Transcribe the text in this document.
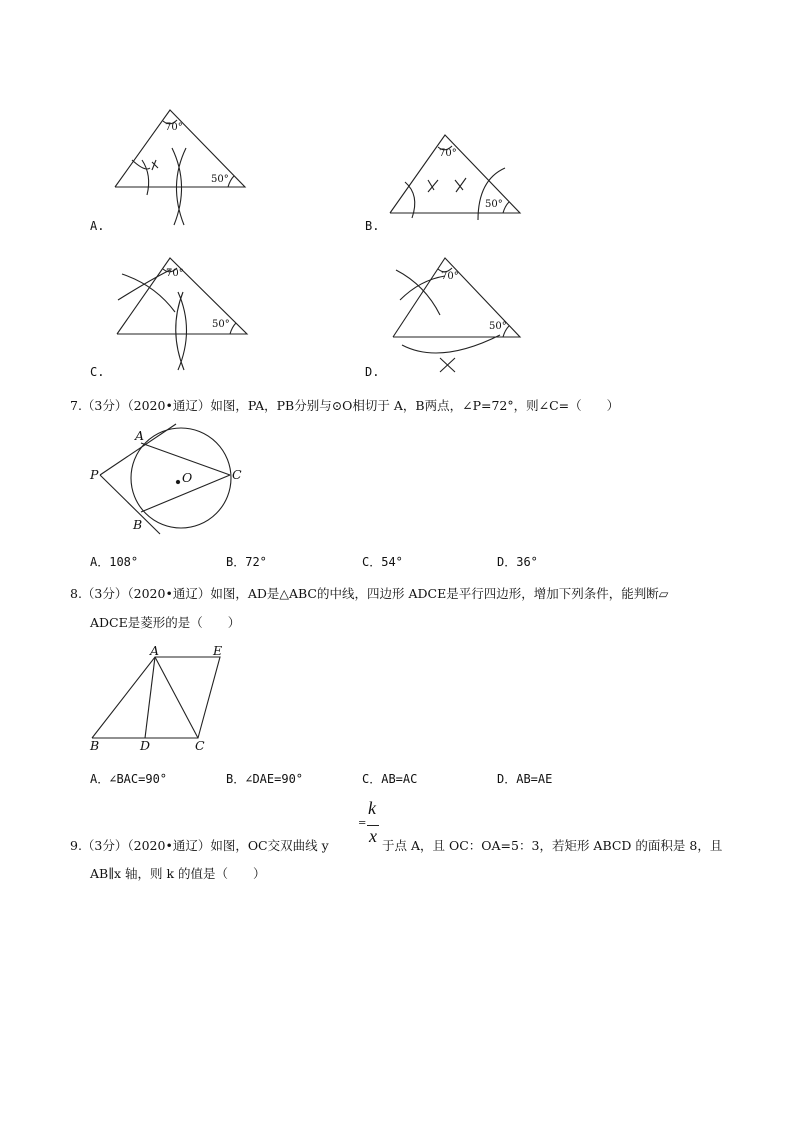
70°
50°
70°
50°
70°
50°
70°
50°
A.	B.
C.	D.
7.（3分）（2020•通辽）如图，PA，PB分别与⊙O相切于 A，B两点，∠P=72°，则∠C=（　　）
A
P	O	C
B
A．108°	B．72°	C．54°	D．36°
8.（3分）（2020•通辽）如图，AD是△ABC的中线，四边形 ADCE是平行四边形，增加下列条件，能判断▱
ADCE是菱形的是（　　）
A	E
B	D	C
A．∠BAC=90°	B．∠DAE=90°	C．AB=AC	D．AB=AE
9.（3分）（2020•通辽）如图，OC交双曲线 y
=
k
x 于点 A，且 OC：OA=5：3，若矩形 ABCD 的面积是 8，且
AB∥x 轴，则 k 的值是（　　）
